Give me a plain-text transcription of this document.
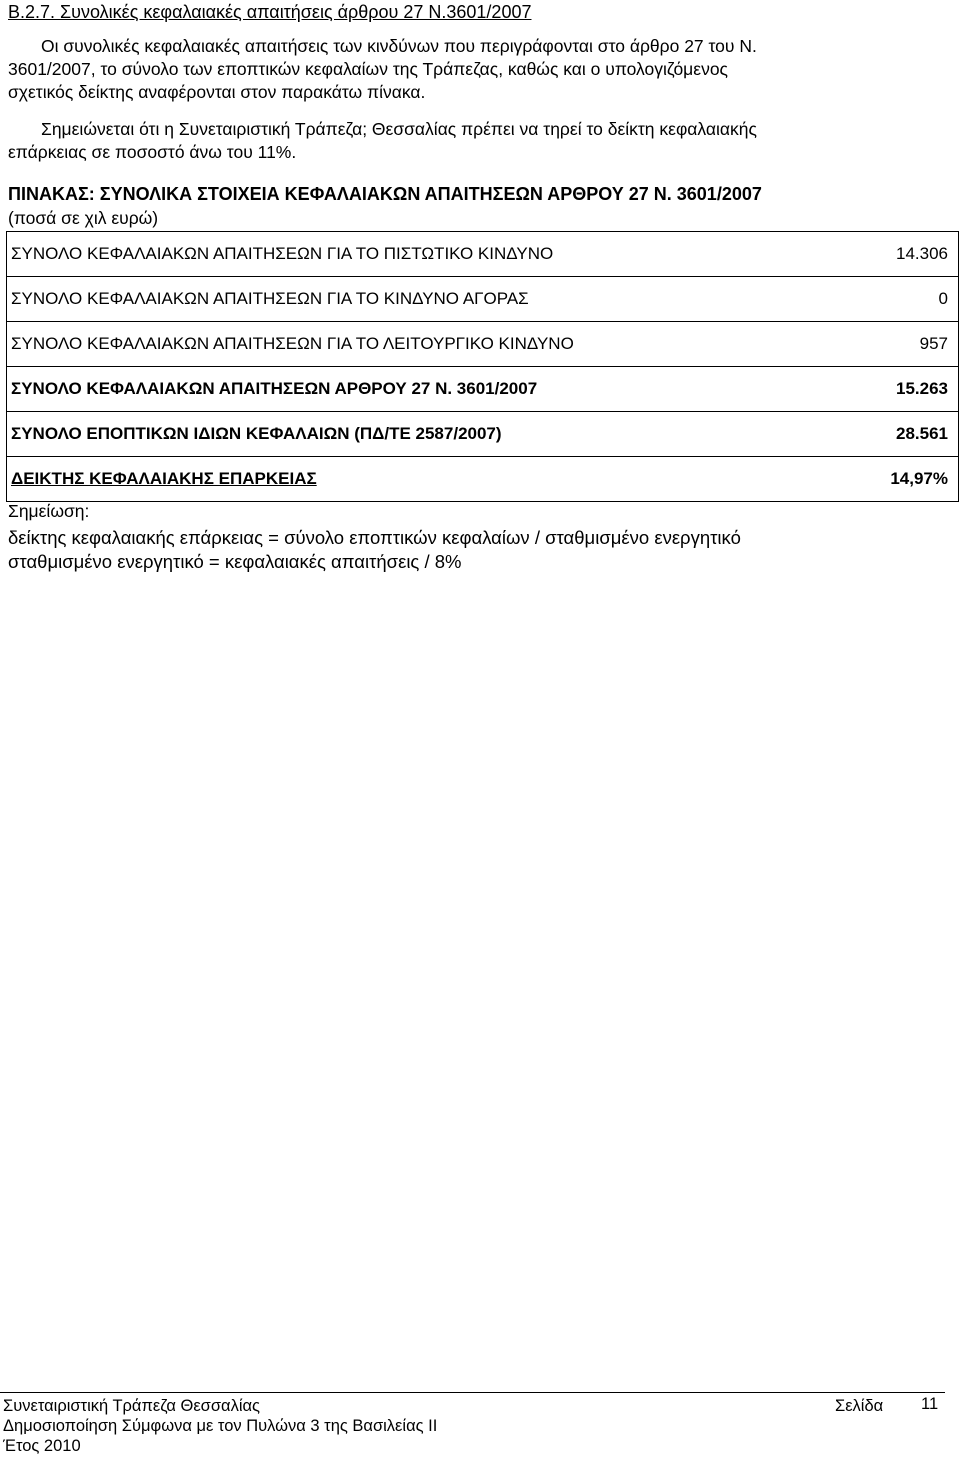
Β.2.7. Συνολικές κεφαλαιακές απαιτήσεις άρθρου 27 Ν.3601/2007
Οι συνολικές κεφαλαιακές απαιτήσεις των κινδύνων που περιγράφονται στο άρθρο 27 του Ν.
3601/2007, το σύνολο των εποπτικών κεφαλαίων της Τράπεζας, καθώς και ο υπολογιζόμενος
σχετικός δείκτης αναφέρονται στον παρακάτω πίνακα.
Σημειώνεται ότι η Συνεταιριστική Τράπεζα; Θεσσαλίας πρέπει να τηρεί το δείκτη κεφαλαιακής
επάρκειας σε ποσοστό άνω του 11%.
ΠΙΝΑΚΑΣ: ΣΥΝΟΛΙΚΑ ΣΤΟΙΧΕΙΑ ΚΕΦΑΛΑΙΑΚΩΝ ΑΠΑΙΤΗΣΕΩΝ ΑΡΘΡΟΥ 27 Ν. 3601/2007
(ποσά σε χιλ ευρώ)
ΣΥΝΟΛΟ ΚΕΦΑΛΑΙΑΚΩΝ ΑΠΑΙΤΗΣΕΩΝ ΓΙΑ ΤΟ ΠΙΣΤΩΤΙΚΟ ΚΙΝΔΥΝΟ	14.306
ΣΥΝΟΛΟ ΚΕΦΑΛΑΙΑΚΩΝ ΑΠΑΙΤΗΣΕΩΝ ΓΙΑ ΤΟ ΚΙΝΔΥΝΟ ΑΓΟΡΑΣ	0
ΣΥΝΟΛΟ ΚΕΦΑΛΑΙΑΚΩΝ ΑΠΑΙΤΗΣΕΩΝ ΓΙΑ ΤΟ ΛΕΙΤΟΥΡΓΙΚΟ ΚΙΝΔΥΝΟ	957
ΣΥΝΟΛΟ ΚΕΦΑΛΑΙΑΚΩΝ ΑΠΑΙΤΗΣΕΩΝ ΑΡΘΡΟΥ 27 Ν. 3601/2007	15.263
ΣΥΝΟΛΟ ΕΠΟΠΤΙΚΩΝ ΙΔΙΩΝ ΚΕΦΑΛΑΙΩΝ (ΠΔ/ΤΕ 2587/2007)	28.561
ΔΕΙΚΤΗΣ ΚΕΦΑΛΑΙΑΚΗΣ ΕΠΑΡΚΕΙΑΣ	14,97%
Σημείωση:
δείκτης κεφαλαιακής επάρκειας = σύνολο εποπτικών κεφαλαίων / σταθμισμένο ενεργητικό
σταθμισμένο ενεργητικό = κεφαλαιακές απαιτήσεις / 8%
Συνεταιριστική Τράπεζα Θεσσαλίας
Δημοσιοποίηση Σύμφωνα με τον Πυλώνα 3 της Βασιλείας ΙΙ
Έτος 2010
Σελίδα 11
